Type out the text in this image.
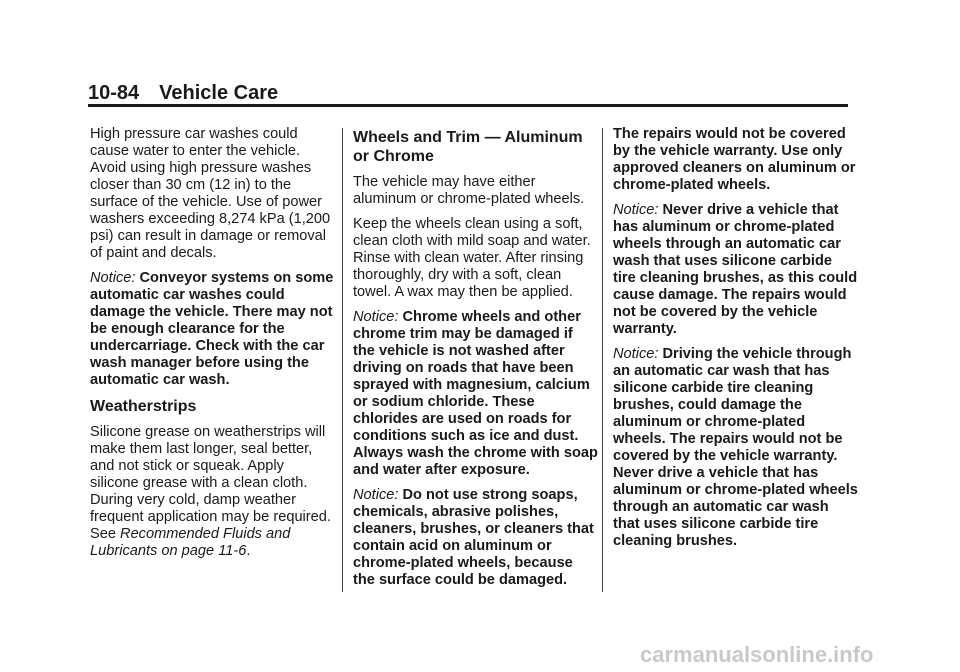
10-84 Vehicle Care

High pressure car washes could cause water to enter the vehicle. Avoid using high pressure washes closer than 30 cm (12 in) to the surface of the vehicle. Use of power washers exceeding 8,274 kPa (1,200 psi) can result in damage or removal of paint and decals.

Notice: Conveyor systems on some automatic car washes could damage the vehicle. There may not be enough clearance for the undercarriage. Check with the car wash manager before using the automatic car wash.

Weatherstrips

Silicone grease on weatherstrips will make them last longer, seal better, and not stick or squeak. Apply silicone grease with a clean cloth. During very cold, damp weather frequent application may be required. See Recommended Fluids and Lubricants on page 11-6.

Wheels and Trim — Aluminum or Chrome

The vehicle may have either aluminum or chrome-plated wheels.

Keep the wheels clean using a soft, clean cloth with mild soap and water. Rinse with clean water. After rinsing thoroughly, dry with a soft, clean towel. A wax may then be applied.

Notice: Chrome wheels and other chrome trim may be damaged if the vehicle is not washed after driving on roads that have been sprayed with magnesium, calcium or sodium chloride. These chlorides are used on roads for conditions such as ice and dust. Always wash the chrome with soap and water after exposure.

Notice: Do not use strong soaps, chemicals, abrasive polishes, cleaners, brushes, or cleaners that contain acid on aluminum or chrome-plated wheels, because the surface could be damaged.

The repairs would not be covered by the vehicle warranty. Use only approved cleaners on aluminum or chrome-plated wheels.

Notice: Never drive a vehicle that has aluminum or chrome-plated wheels through an automatic car wash that uses silicone carbide tire cleaning brushes, as this could cause damage. The repairs would not be covered by the vehicle warranty.

Notice: Driving the vehicle through an automatic car wash that has silicone carbide tire cleaning brushes, could damage the aluminum or chrome-plated wheels. The repairs would not be covered by the vehicle warranty. Never drive a vehicle that has aluminum or chrome-plated wheels through an automatic car wash that uses silicone carbide tire cleaning brushes.

carmanualsonline.info
